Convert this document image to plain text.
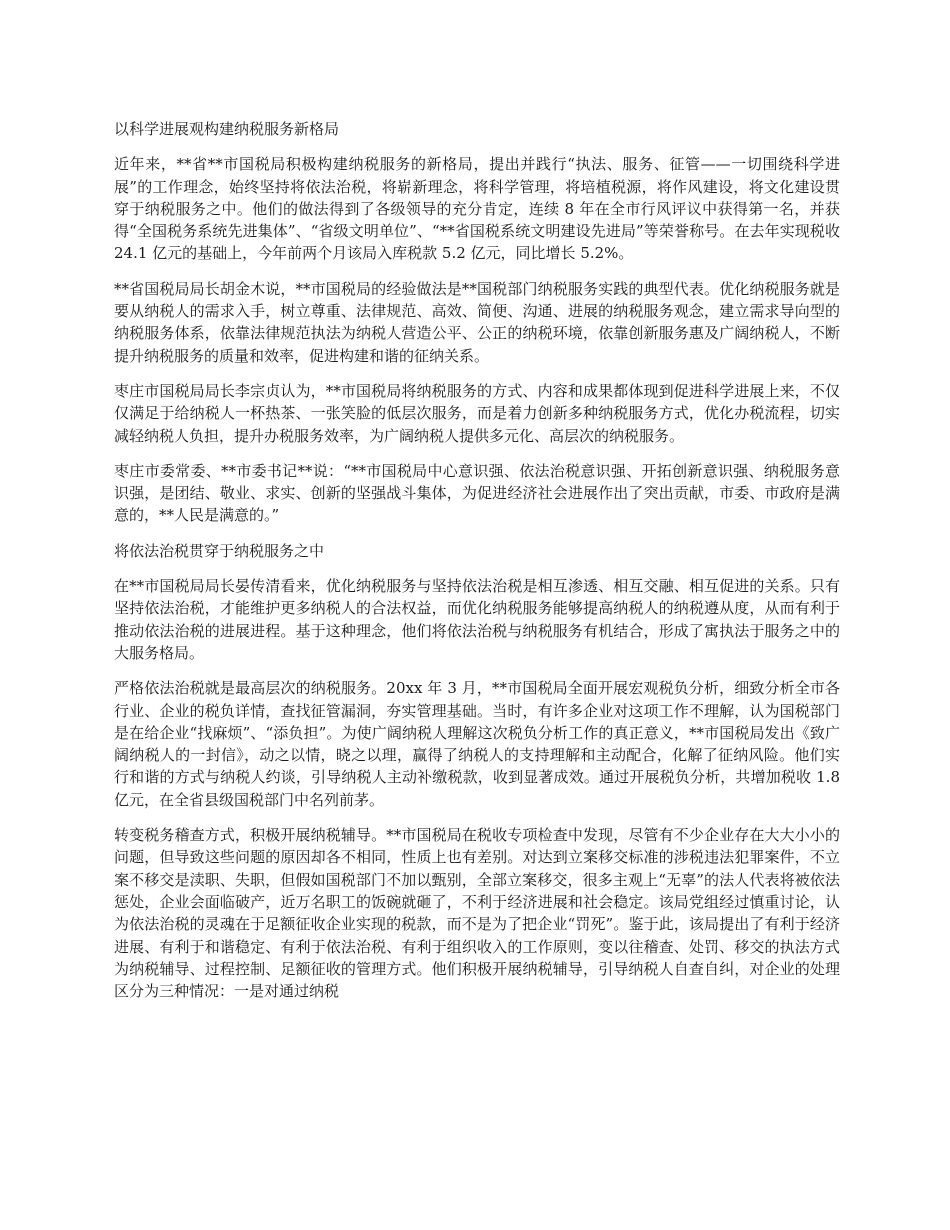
以科学进展观构建纳税服务新格局

近年来，**省**市国税局积极构建纳税服务的新格局，提出并践行“执法、服务、征管——一切围绕科学进展”的工作理念，始终坚持将依法治税，将崭新理念，将科学管理，将培植税源，将作风建设，将文化建设贯穿于纳税服务之中。他们的做法得到了各级领导的充分肯定，连续 8 年在全市行风评议中获得第一名，并获得“全国税务系统先进集体”、“省级文明单位”、“**省国税系统文明建设先进局”等荣誉称号。在去年实现税收 24.1 亿元的基础上，今年前两个月该局入库税款 5.2 亿元，同比增长 5.2%。

**省国税局局长胡金木说，**市国税局的经验做法是**国税部门纳税服务实践的典型代表。优化纳税服务就是要从纳税人的需求入手，树立尊重、法律规范、高效、简便、沟通、进展的纳税服务观念，建立需求导向型的纳税服务体系，依靠法律规范执法为纳税人营造公平、公正的纳税环境，依靠创新服务惠及广阔纳税人，不断提升纳税服务的质量和效率，促进构建和谐的征纳关系。

枣庄市国税局局长李宗贞认为，**市国税局将纳税服务的方式、内容和成果都体现到促进科学进展上来，不仅仅满足于给纳税人一杯热茶、一张笑脸的低层次服务，而是着力创新多种纳税服务方式，优化办税流程，切实减轻纳税人负担，提升办税服务效率，为广阔纳税人提供多元化、高层次的纳税服务。

枣庄市委常委、**市委书记**说：“**市国税局中心意识强、依法治税意识强、开拓创新意识强、纳税服务意识强，是团结、敬业、求实、创新的坚强战斗集体，为促进经济社会进展作出了突出贡献，市委、市政府是满意的，**人民是满意的。”

将依法治税贯穿于纳税服务之中

在**市国税局局长晏传清看来，优化纳税服务与坚持依法治税是相互渗透、相互交融、相互促进的关系。只有坚持依法治税，才能维护更多纳税人的合法权益，而优化纳税服务能够提高纳税人的纳税遵从度，从而有利于推动依法治税的进展进程。基于这种理念，他们将依法治税与纳税服务有机结合，形成了寓执法于服务之中的大服务格局。

严格依法治税就是最高层次的纳税服务。20xx 年 3 月，**市国税局全面开展宏观税负分析，细致分析全市各行业、企业的税负详情，查找征管漏洞，夯实管理基础。当时，有许多企业对这项工作不理解，认为国税部门是在给企业“找麻烦”、“添负担”。为使广阔纳税人理解这次税负分析工作的真正意义，**市国税局发出《致广阔纳税人的一封信》，动之以情，晓之以理，赢得了纳税人的支持理解和主动配合，化解了征纳风险。他们实行和谐的方式与纳税人约谈，引导纳税人主动补缴税款，收到显著成效。通过开展税负分析，共增加税收 1.8 亿元，在全省县级国税部门中名列前茅。

转变税务稽查方式，积极开展纳税辅导。**市国税局在税收专项检查中发现，尽管有不少企业存在大大小小的问题，但导致这些问题的原因却各不相同，性质上也有差别。对达到立案移交标准的涉税违法犯罪案件，不立案不移交是渎职、失职，但假如国税部门不加以甄别，全部立案移交，很多主观上“无辜”的法人代表将被依法惩处，企业会面临破产，近万名职工的饭碗就砸了，不利于经济进展和社会稳定。该局党组经过慎重讨论，认为依法治税的灵魂在于足额征收企业实现的税款，而不是为了把企业“罚死”。鉴于此，该局提出了有利于经济进展、有利于和谐稳定、有利于依法治税、有利于组织收入的工作原则，变以往稽查、处罚、移交的执法方式为纳税辅导、过程控制、足额征收的管理方式。他们积极开展纳税辅导，引导纳税人自查自纠，对企业的处理区分为三种情况：一是对通过纳税
